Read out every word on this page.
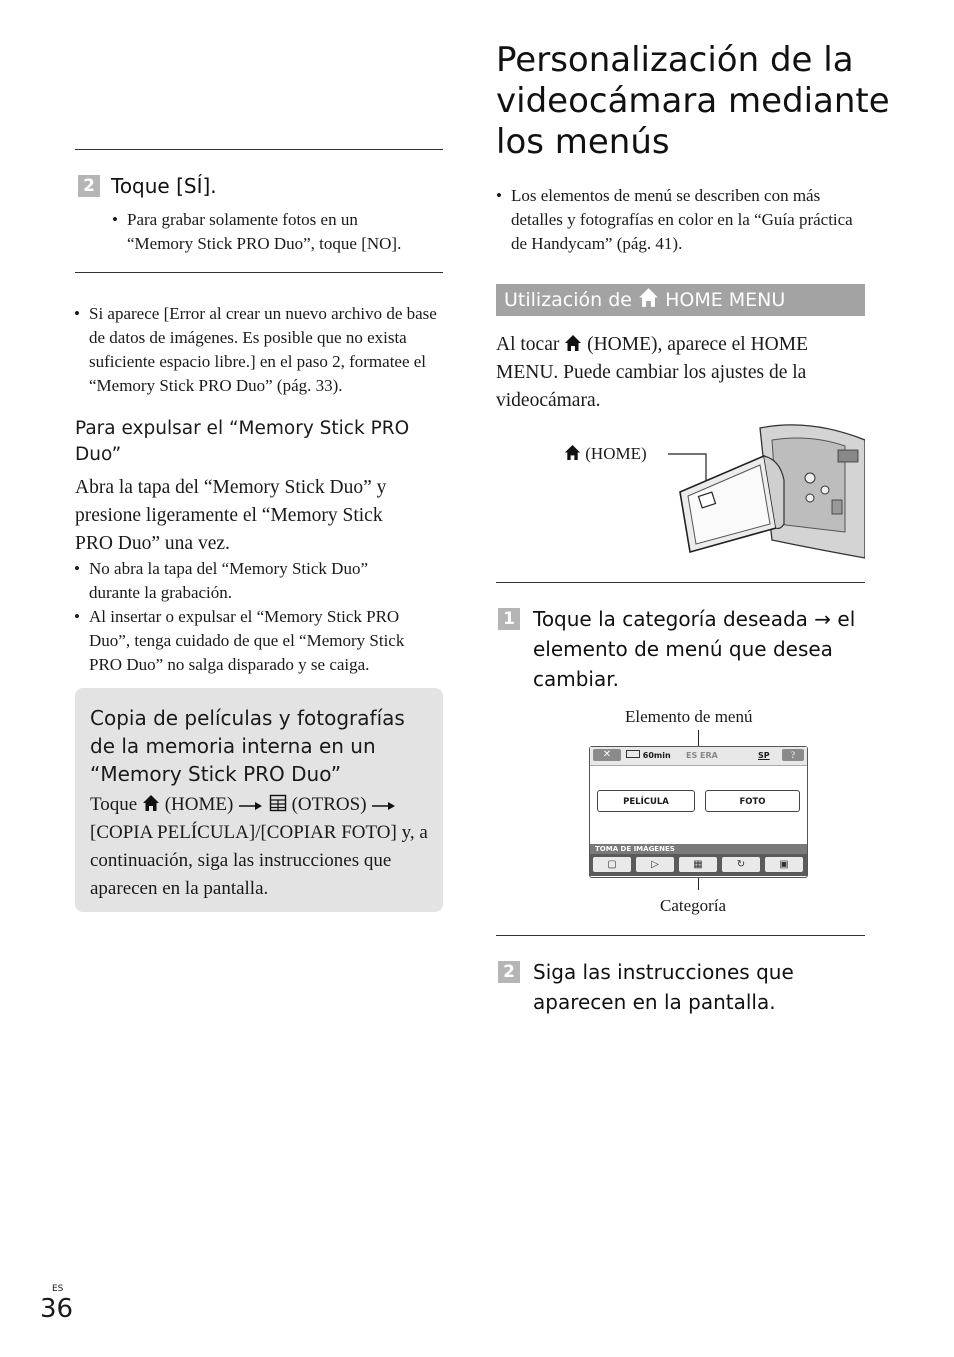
2 Toque [SÍ].
• Para grabar solamente fotos en un “Memory Stick PRO Duo”, toque [NO].
• Si aparece [Error al crear un nuevo archivo de base de datos de imágenes. Es posible que no exista suficiente espacio libre.] en el paso 2, formatee el “Memory Stick PRO Duo” (pág. 33).
Para expulsar el “Memory Stick PRO Duo”
Abra la tapa del “Memory Stick Duo” y presione ligeramente el “Memory Stick PRO Duo” una vez.
• No abra la tapa del “Memory Stick Duo” durante la grabación.
• Al insertar o expulsar el “Memory Stick PRO Duo”, tenga cuidado de que el “Memory Stick PRO Duo” no salga disparado y se caiga.
Copia de películas y fotografías de la memoria interna en un “Memory Stick PRO Duo”
Toque  (HOME)	(OTROS)  [COPIA PELÍCULA]/[COPIAR FOTO] y, a continuación, siga las instrucciones que aparecen en la pantalla.
Personalización de la videocámara mediante los menús
• Los elementos de menú se describen con más detalles y fotografías en color en la “Guía práctica de Handycam” (pág. 41).
Utilización de  HOME MENU
Al tocar  (HOME), aparece el HOME MENU. Puede cambiar los ajustes de la videocámara.
(HOME)
1 Toque la categoría deseada → el elemento de menú que desea cambiar.
Elemento de menú
✕	60min ES ERA	SP	?
PELÍCULA	FOTO
TOMA DE IMÁGENES
▢	▷	▦	↻	▣
Categoría
2 Siga las instrucciones que aparecen en la pantalla.
ES
36
